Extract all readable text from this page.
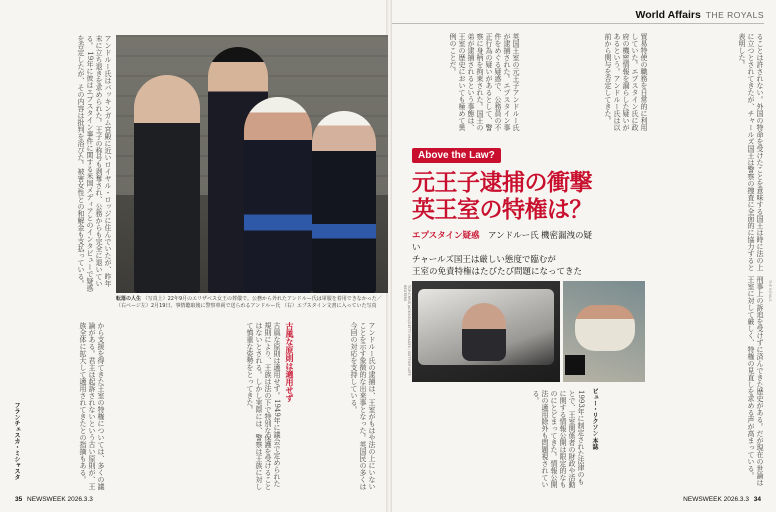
World Affairs THE ROYALS
転落の人生 （写真上）22年9月のエリザベス女王の葬儀で。公務から外れたアンドルー氏は軍服を着用できなかった／（右ページ左）2月19日、事情聴取後に警察車両で送られるアンドルー氏 （右）エプスタイン文書に入っていた写真
アンドルー氏はバッキンガム宮殿に近いロイヤル・ロッジに住んでいたが、昨年末に立ち退きを求められた。王子の称号も剥奪され、公務からも完全に退いている。 19年に彼はエプスタイン事件に関する米国メディアとのインタビューで疑惑を否定したが、その内容は批判を浴びた。被害女性との和解金も支払っている。
から支援を得てきた王室の特権については、多くの議論がある。君主は起訴されないという古い原則が、王族全体に拡大して適用されてきたとの指摘もある。	古風な原則は適用せず
古風な原則は適用せず。1949年に議会で定められた規則により、王族は法の下で特別な保護を受けることはないとされる。しかし実際には、警察は王族に対して慎重な姿勢をとってきた。	アンドルー氏の逮捕は、王室がもはや法の上にいないことを示す象徴的な出来事となった。英国民の多くは今回の対応を支持している。
フランチェスカ・ミシャスタ
35 NEWSWEEK 2026.3.3
英国王室の元王子アンドルー氏が逮捕された。エプスタイン事件をめぐる疑惑で、公務員の不正行為の疑いがあるとして、警察に身柄を拘束された。国王の弟が逮捕されるという事態は、王室の歴史においても極めて異例のことだ。	貿易特使の職務を日常的に利用していた。エプスタイン氏に政府の機密情報を漏らした疑いがあるという。アンドルー氏は以前から関与を否定してきた。	ることは許されない。外国の特命を受けたことを意味する国王は時に法の上に立つとされてきたが、チャールズ国王は警察の捜査に全面的に協力すると表明した。
Above the Law?
元王子逮捕の衝撃
英王室の特権は？
エプスタイン疑惑　 アンドルー氏 機密漏洩の疑い
チャールズ国王は厳しい態度で臨むが
王室の免責特権はたびたび問題になってきた
TOP:CHRIS JACKSON/GETTY IMAGES / BOTTOM LEFT: REUTERS
1993年に制定された法律のもとで、王室関係者の財政や活動に関する情報公開は限定的なものにとどまってきた。情報公開法の適用除外も問題視されている。	ビュー・リクソン 本誌	刑事上の訴追を受けずに済んできた歴史がある。だが現在の世論は王室に対して厳しく、特権の見直しを求める声が高まっている。	THE ROYALS
NEWSWEEK 2026.3.3 34
